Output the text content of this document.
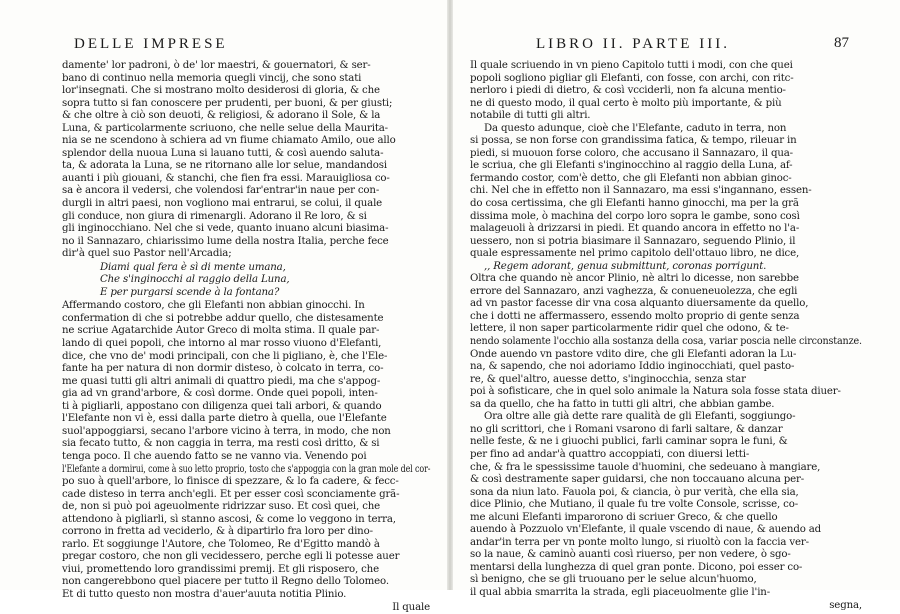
DELLE IMPRESE
damente' lor padroni, ò de' lor maestri, & gouernatori, & ser-
bano di continuo nella memoria quegli vincij, che sono stati
lor'insegnati. Che si mostrano molto desiderosi di gloria, & che
sopra tutto si fan conoscere per prudenti, per buoni, & per giusti;
& che oltre à ciò son deuoti, & religiosi, & adorano il Sole, & la
Luna, & particolarmente scriuono, che nelle selue della Maurita-
nia se ne scendono à schiera ad vn fiume chiamato Amilo, oue allo
splendor della nuoua Luna si lauano tutti, & così auendo saluta-
ta, & adorata la Luna, se ne ritornano alle lor selue, mandandosi
auanti i più giouani, & stanchi, che fien fra essi. Marauigliosa co-
sa è ancora il vedersi, che volendosi far'entrar'in naue per con-
durgli in altri paesi, non vogliono mai entrarui, se colui, il quale
gli conduce, non giura di rimenargli. Adorano il Re loro, & si
gli inginocchiano. Nel che si vede, quanto inuano alcuni biasima-
no il Sannazaro, chiarissimo lume della nostra Italia, perche fece
dir'à quel suo Pastor nell'Arcadia;
Diami qual fera è sì di mente umana,
Che s'inginocchi al raggio della Luna,
E per purgarsi scende à la fontana?
Affermando costoro, che gli Elefanti non abbian ginocchi. In
confermation di che si potrebbe addur quello, che distesamente
ne scriue Agatarchide Autor Greco di molta stima. Il quale par-
lando di quei popoli, che intorno al mar rosso viuono d'Elefanti,
dice, che vno de' modi principali, con che li pigliano, è, che l'Ele-
fante ha per natura di non dormir disteso, ò colcato in terra, co-
me quasi tutti gli altri animali di quattro piedi, ma che s'appog-
gia ad vn grand'arbore, & così dorme. Onde quei popoli, inten-
ti à pigliarli, appostano con diligenza quei tali arbori, & quando
l'Elefante non vi è, essi dalla parte dietro à quella, oue l'Elefante
suol'appoggiarsi, secano l'arbore vicino à terra, in modo, che non
sia fecato tutto, & non caggia in terra, ma resti così dritto, & si
tenga poco. Il che auendo fatto se ne vanno via. Venendo poi
l'Elefante a dormirui, come à suo letto proprio, tosto che s'appoggia con la gran mole del cor-
po suo à quell'arbore, lo finisce di spezzare, & lo fa cadere, & fecc-
cade disteso in terra anch'egli. Et per esser così sconciamente grã-
de, non si può poi ageuolmente ridrizzar suso. Et così quei, che
attendono à pigliarli, sì stanno ascosi, & come lo veggono in terra,
corrono in fretta ad veciderlo, & à dipartirlo fra loro per dino-
rarlo. Et soggiunge l'Autore, che Tolomeo, Re d'Egitto mandò à
pregar costoro, che non gli vecidessero, perche egli li potesse auer
viui, promettendo loro grandissimi premij. Et gli risposero, che
non cangerebbono quel piacere per tutto il Regno dello Tolomeo.
Et di tutto questo non mostra d'auer'auuta notitia Plinio.
Il quale
LIBRO II. PARTE III.	87
Il quale scriuendo in vn pieno Capitolo tutti i modi, con che quei
popoli sogliono pigliar gli Elefanti, con fosse, con archi, con ritc-
nerloro i piedi di dietro, & così vcciderli, non fa alcuna mentio-
ne di questo modo, il qual certo è molto più importante, & più
notabile di tutti gli altri.
Da questo adunque, cioè che l'Elefante, caduto in terra, non
si possa, se non forse con grandissima fatica, & tempo, rileuar in
piedi, si muouon forse coloro, che accusano il Sannazaro, il qua-
le scriua, che gli Elefanti s'inginocchino al raggio della Luna, af-
fermando costor, com'è detto, che gli Elefanti non abbian ginoc-
chi. Nel che in effetto non il Sannazaro, ma essi s'ingannano, essen-
do cosa certissima, che gli Elefanti hanno ginocchi, ma per la grã
dissima mole, ò machina del corpo loro sopra le gambe, sono così
malageuoli à drizzarsi in piedi. Et quando ancora in effetto no l'a-
uessero, non si potria biasimare il Sannazaro, seguendo Plinio, il
quale espressamente nel primo capitolo dell'ottauo libro, ne dice,
,, Regem adorant, genua submittunt, coronas porrigunt.
Oltra che quando nè ancor Plinio, nè altri lo dicesse, non sarebbe
errore del Sannazaro, anzi vaghezza, & conueneuolezza, che egli
ad vn pastor facesse dir vna cosa alquanto diuersamente da quello,
che i dotti ne affermassero, essendo molto proprio di gente senza
lettere, il non saper particolarmente ridir quel che odono, & te-
nendo solamente l'occhio alla sostanza della cosa, variar poscia nelle circonstanze.
Onde auendo vn pastore vdito dire, che gli Elefanti adoran la Lu-
na, & sapendo, che noi adoriamo Iddio inginocchiati, quel pasto-
re, & quel'altro, auesse detto, s'inginocchia, senza star
poi à sofisticare, che in quel solo animale la Natura sola fosse stata diuer-
sa da quello, che ha fatto in tutti gli altri, che abbian gambe.
Ora oltre alle già dette rare qualità de gli Elefanti, soggiungo-
no gli scrittori, che i Romani vsarono di farli saltare, & danzar
nelle feste, & ne i giuochi publici, farli caminar sopra le funi, &
per fino ad andar'à quattro accoppiati, con diuersi letti-
che, & fra le spessissime tauole d'huomini, che sedeuano à mangiare,
& così destramente saper guidarsi, che non toccauano alcuna per-
sona da niun lato. Fauola poi, & ciancia, ò pur verità, che ella sia,
dice Plinio, che Mutiano, il quale fu tre volte Console, scrisse, co-
me alcuni Elefanti imparorono di scriuer Greco, & che quello
auendo à Pozzuolo vn'Elefante, il quale vscendo di naue, & auendo ad
andar'in terra per vn ponte molto lungo, si riuoltò con la faccia ver-
so la naue, & caminò auanti così riuerso, per non vedere, ò sgo-
mentarsi della lunghezza di quel gran ponte. Dicono, poi esser co-
sì benigno, che se gli truouano per le selue alcun'huomo,
il qual abbia smarrita la strada, egli piaceuolmente glie l'in-
segna,
